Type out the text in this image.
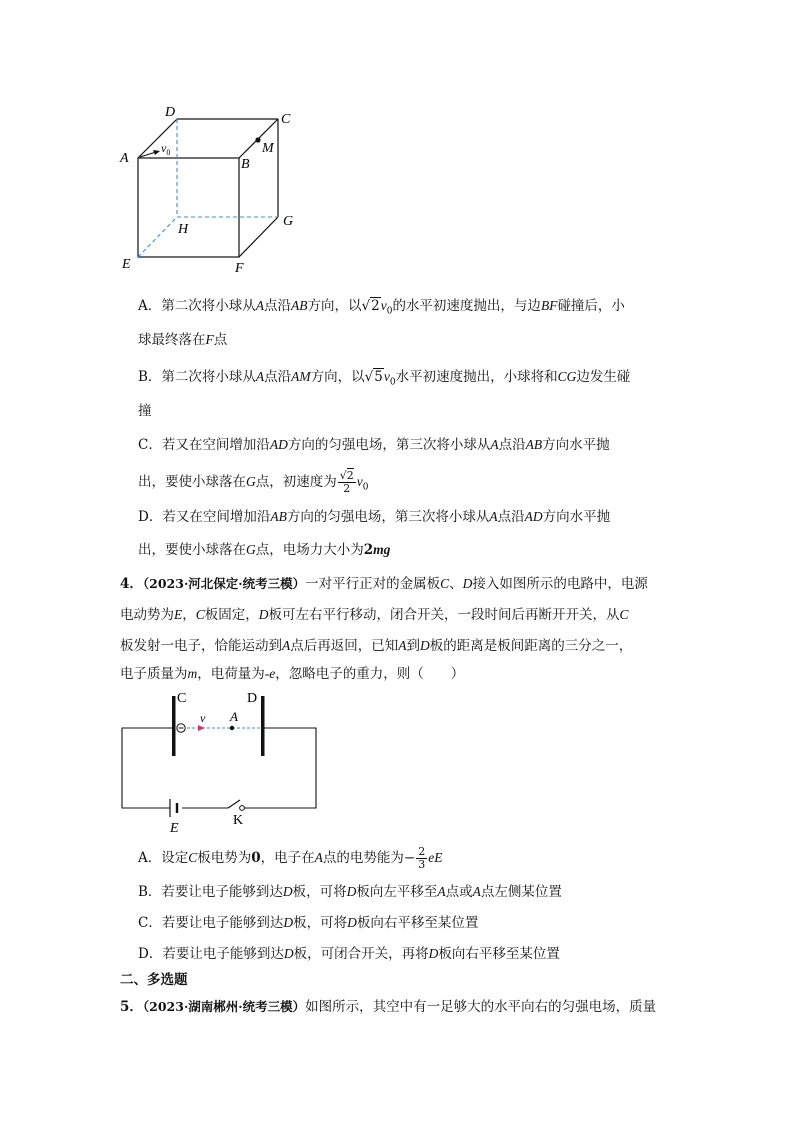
A
D	C
M
B
G
H
E	F
$v_0$
A．第二次将小球从A点沿AB方向，以$√2v_0$的水平初速度抛出，与边BF碰撞后，小
球最终落在F点
B．第二次将小球从A点沿AM方向，以$√5v_0$水平初速度抛出，小球将和CG边发生碰
撞
C．若又在空间增加沿AD方向的匀强电场，第三次将小球从A点沿AB方向水平抛
出，要使小球落在G点，初速度为 $\frac{√2}{2} v_0$
D．若又在空间增加沿AB方向的匀强电场，第三次将小球从A点沿AD方向水平抛
出，要使小球落在G点，电场力大小为2mg
4．（2023·河北保定·统考三模）一对平行正对的金属板C、D接入如图所示的电路中，电源
电动势为E，C板固定，D板可左右平行移动，闭合开关，一段时间后再断开开关，从C
板发射一电子，恰能运动到A点后再返回，已知A到D板的距离是板间距离的三分之一，
电子质量为m，电荷量为-e，忽略电子的重力，则（　　）
C	D
v A
E
K
A．设定C板电势为0，电子在A点的电势能为− $\frac{2}{3}$ eE
B．若要让电子能够到达D板，可将D板向左平移至A点或A点左侧某位置
C．若要让电子能够到达D板，可将D板向右平移至某位置
D．若要让电子能够到达D板，可闭合开关，再将D板向右平移至某位置
二、多选题
5．（2023·湖南郴州·统考三模）如图所示，其空中有一足够大的水平向右的匀强电场，质量
